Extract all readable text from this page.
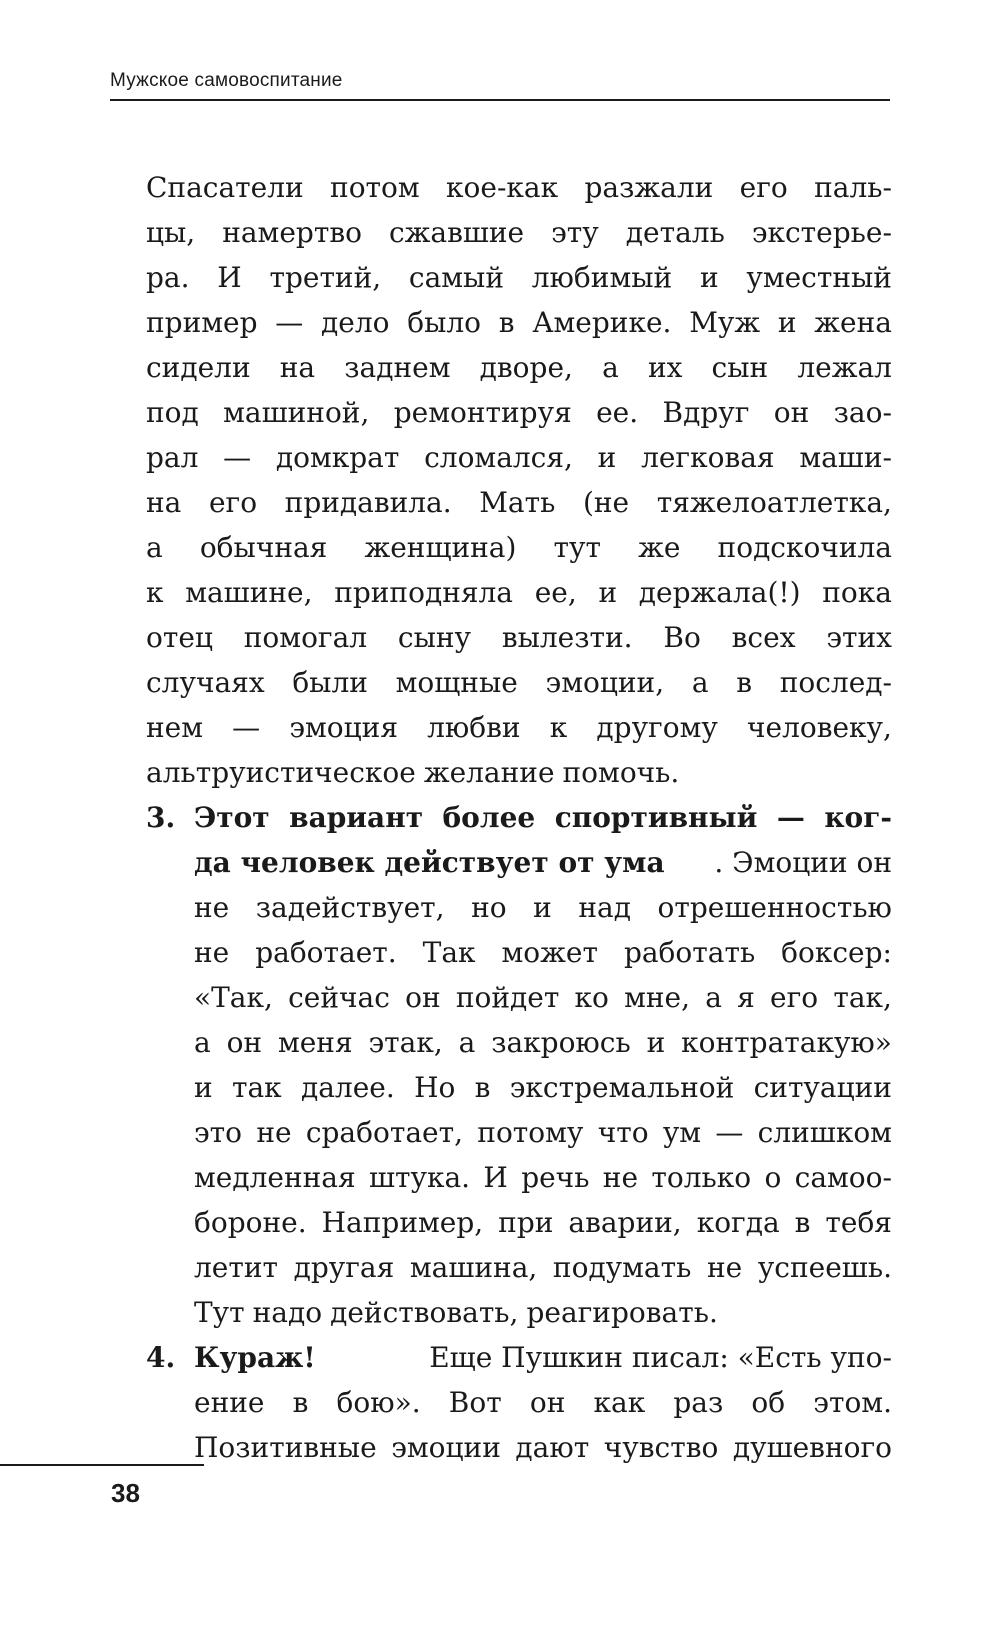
Мужское самовоспитание
Спасатели потом кое-как разжали его паль-
цы, намертво сжавшие эту деталь экстерье-
ра. И третий, самый любимый и уместный
пример — дело было в Америке. Муж и жена
сидели на заднем дворе, а их сын лежал
под машиной, ремонтируя ее. Вдруг он зао-
рал — домкрат сломался, и легковая маши-
на его придавила. Мать (не тяжелоатлетка,
а обычная женщина) тут же подскочила
к машине, приподняла ее, и держала(!) пока
отец помогал сыну вылезти. Во всех этих
случаях были мощные эмоции, а в послед-
нем — эмоция любви к другому человеку,
альтруистическое желание помочь.
3. Этот вариант более спортивный — ког-
да человек действует от ума . Эмоции он
не задействует, но и над отрешенностью
не работает. Так может работать боксер:
«Так, сейчас он пойдет ко мне, а я его так,
а он меня этак, а закроюсь и контратакую»
и так далее. Но в экстремальной ситуации
это не сработает, потому что ум — слишком
медленная штука. И речь не только о самоо-
бороне. Например, при аварии, когда в тебя
летит другая машина, подумать не успеешь.
Тут надо действовать, реагировать.
4. Кураж!	Еще Пушкин писал: «Есть упо-
ение в бою». Вот он как раз об этом.
Позитивные эмоции дают чувство душевного
38
